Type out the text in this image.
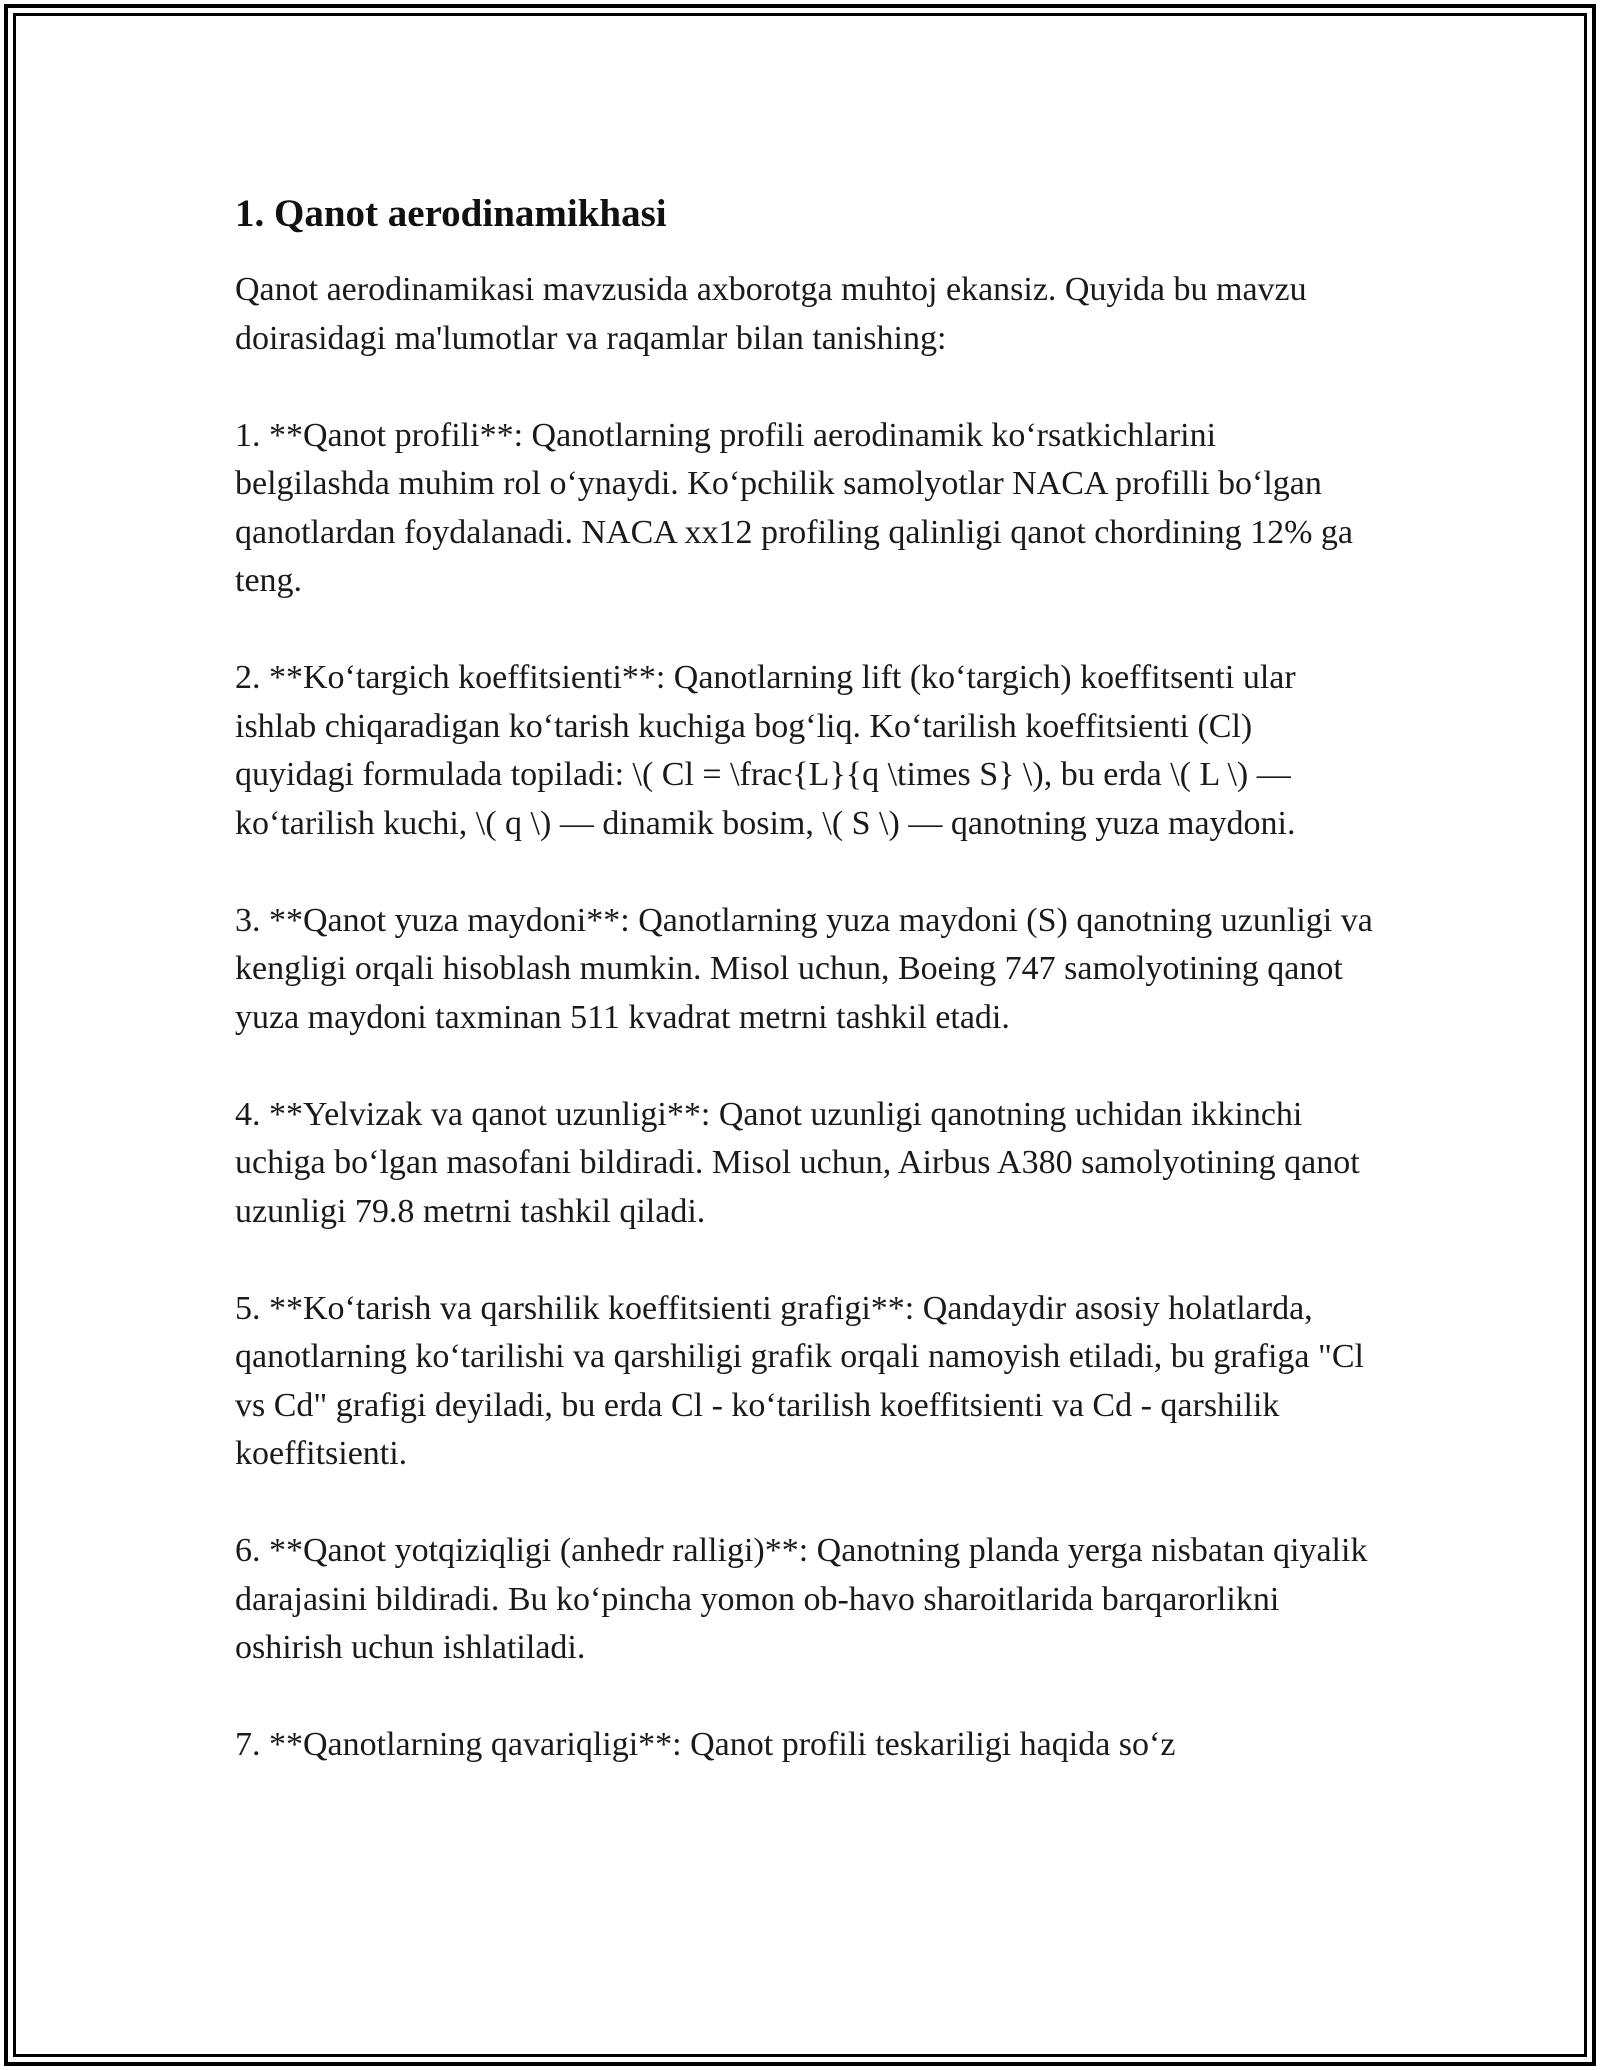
1. Qanot aerodinamikhasi

Qanot aerodinamikasi mavzusida axborotga muhtoj ekansiz. Quyida bu mavzu doirasidagi ma'lumotlar va raqamlar bilan tanishing:

1. **Qanot profili**: Qanotlarning profili aerodinamik ko‘rsatkichlarini belgilashda muhim rol o‘ynaydi. Ko‘pchilik samolyotlar NACA profilli bo‘lgan qanotlardan foydalanadi. NACA xx12 profiling qalinligi qanot chordining 12% ga teng.

2. **Ko‘targich koeffitsienti**: Qanotlarning lift (ko‘targich) koeffitsenti ular ishlab chiqaradigan ko‘tarish kuchiga bog‘liq. Ko‘tarilish koeffitsienti (Cl) quyidagi formulada topiladi: \( Cl = \frac{L}{q \times S} \), bu erda \( L \) — ko‘tarilish kuchi, \( q \) — dinamik bosim, \( S \) — qanotning yuza maydoni.

3. **Qanot yuza maydoni**: Qanotlarning yuza maydoni (S) qanotning uzunligi va kengligi orqali hisoblash mumkin. Misol uchun, Boeing 747 samolyotining qanot yuza maydoni taxminan 511 kvadrat metrni tashkil etadi.

4. **Yelvizak va qanot uzunligi**: Qanot uzunligi qanotning uchidan ikkinchi uchiga bo‘lgan masofani bildiradi. Misol uchun, Airbus A380 samolyotining qanot uzunligi 79.8 metrni tashkil qiladi.

5. **Ko‘tarish va qarshilik koeffitsienti grafigi**: Qandaydir asosiy holatlarda, qanotlarning ko‘tarilishi va qarshiligi grafik orqali namoyish etiladi, bu grafiga "Cl vs Cd" grafigi deyiladi, bu erda Cl - ko‘tarilish koeffitsienti va Cd - qarshilik koeffitsienti.

6. **Qanot yotqiziqligi (anhedr ralligi)**: Qanotning planda yerga nisbatan qiyalik darajasini bildiradi. Bu ko‘pincha yomon ob-havo sharoitlarida barqarorlikni oshirish uchun ishlatiladi.

7. **Qanotlarning qavariqligi**: Qanot profili teskariligi haqida so‘z
